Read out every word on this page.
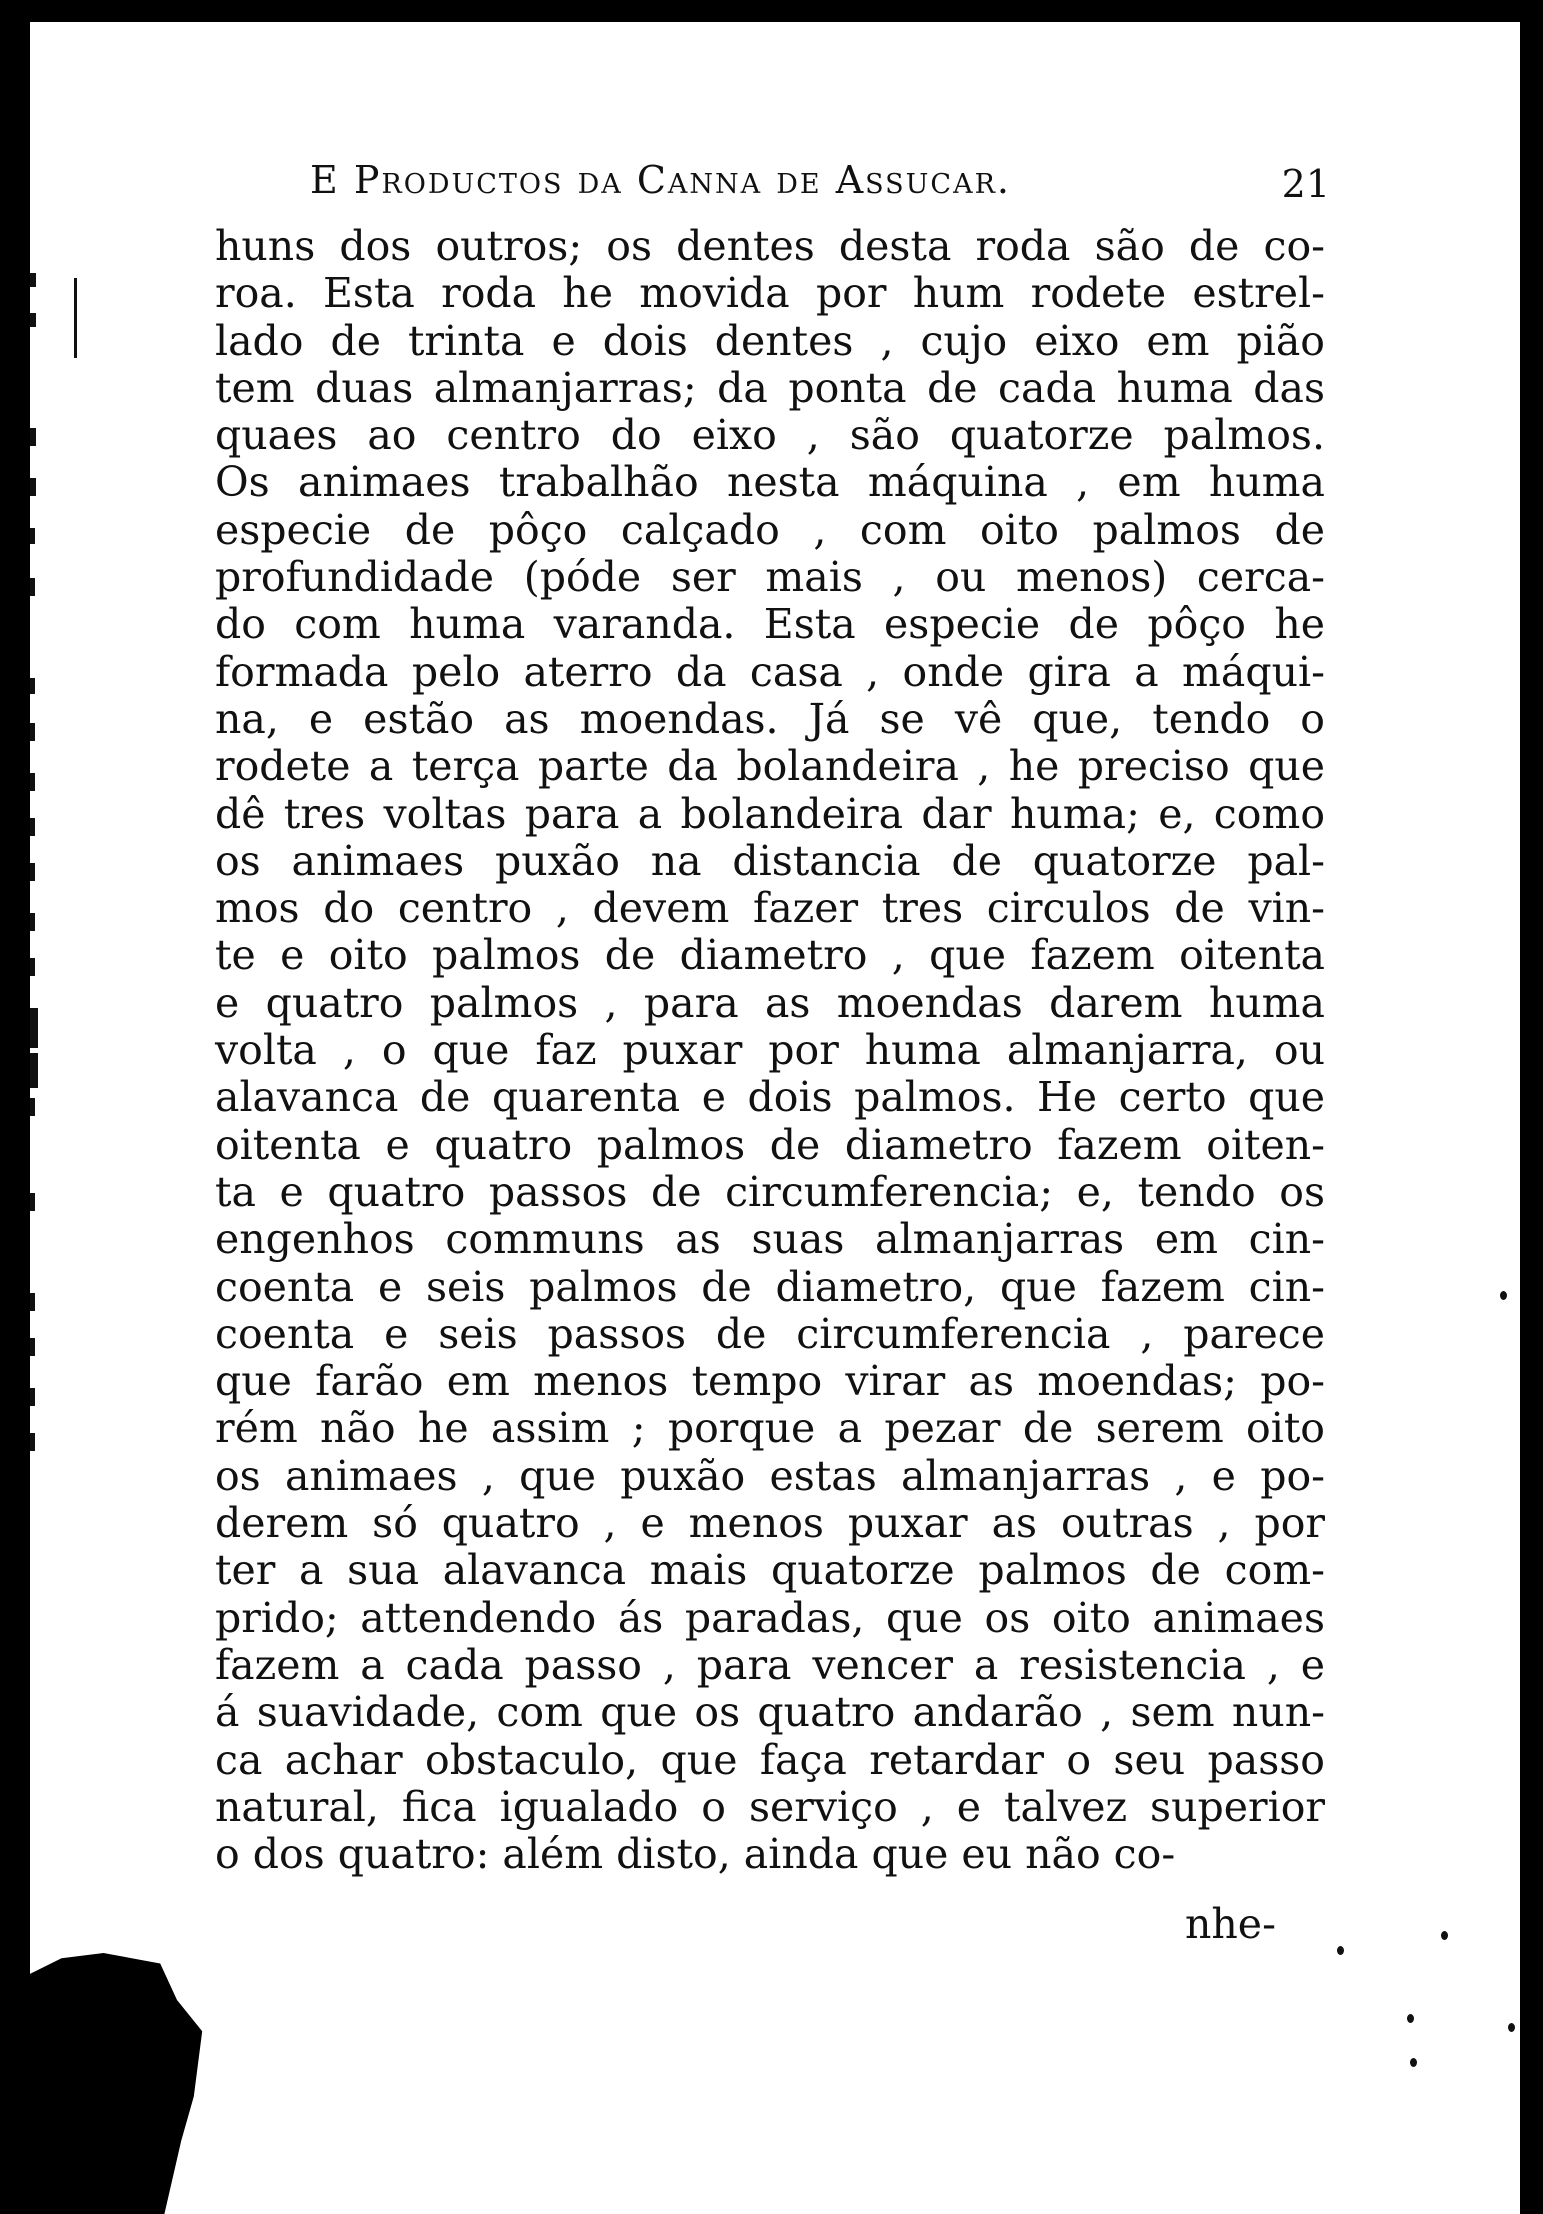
E Productos da Canna de Assucar.	21
huns dos outros; os dentes desta roda são de co-
roa. Esta roda he movida por hum rodete estrel-
lado de trinta e dois dentes , cujo eixo em pião
tem duas almanjarras; da ponta de cada huma das
quaes ao centro do eixo , são quatorze palmos.
Os animaes trabalhão nesta máquina , em huma
especie de pôço calçado , com oito palmos de
profundidade (póde ser mais , ou menos) cerca-
do com huma varanda. Esta especie de pôço he
formada pelo aterro da casa , onde gira a máqui-
na, e estão as moendas. Já se vê que, tendo o
rodete a terça parte da bolandeira , he preciso que
dê tres voltas para a bolandeira dar huma; e, como
os animaes puxão na distancia de quatorze pal-
mos do centro , devem fazer tres circulos de vin-
te e oito palmos de diametro , que fazem oitenta
e quatro palmos , para as moendas darem huma
volta , o que faz puxar por huma almanjarra, ou
alavanca de quarenta e dois palmos. He certo que
oitenta e quatro palmos de diametro fazem oiten-
ta e quatro passos de circumferencia; e, tendo os
engenhos communs as suas almanjarras em cin-
coenta e seis palmos de diametro, que fazem cin-
coenta e seis passos de circumferencia , parece
que farão em menos tempo virar as moendas; po-
rém não he assim ; porque a pezar de serem oito
os animaes , que puxão estas almanjarras , e po-
derem só quatro , e menos puxar as outras , por
ter a sua alavanca mais quatorze palmos de com-
prido; attendendo ás paradas, que os oito animaes
fazem a cada passo , para vencer a resistencia , e
á suavidade, com que os quatro andarão , sem nun-
ca achar obstaculo, que faça retardar o seu passo
natural, fica igualado o serviço , e talvez superior
o dos quatro: além disto, ainda que eu não co-
nhe-
